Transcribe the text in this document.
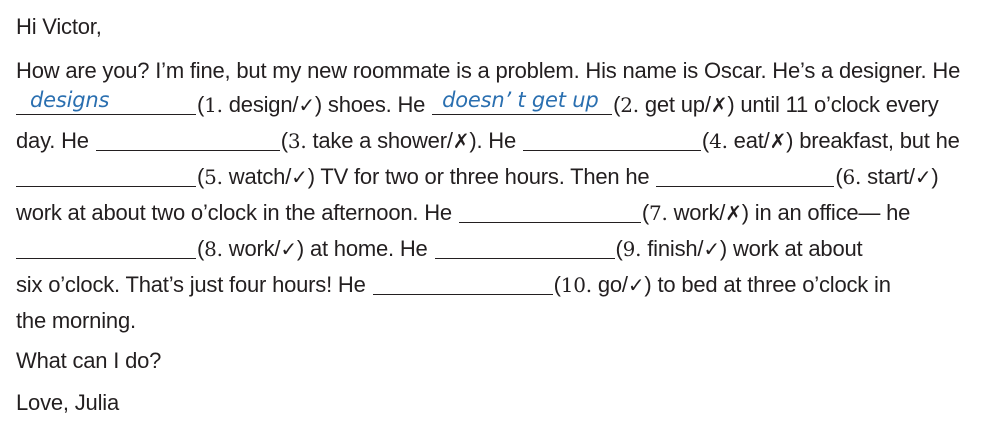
Hi Victor,
How are you? I’m fine, but my new roommate is a problem. His name is Oscar. He’s a designer. He
designs	(1. design/✓) shoes. He doesn’ t get up (2. get up/✗) until 11 o’clock every
day. He	(3. take a shower/✗). He	(4. eat/✗) breakfast, but he
(5. watch/✓) TV for two or three hours. Then he	(6. start/✓)
work at about two o’clock in the afternoon. He	(7. work/✗) in an office— he
(8. work/✓) at home. He	(9. finish/✓) work at about
six o’clock. That’s just four hours! He	(10. go/✓) to bed at three o’clock in
the morning.
What can I do?
Love, Julia
